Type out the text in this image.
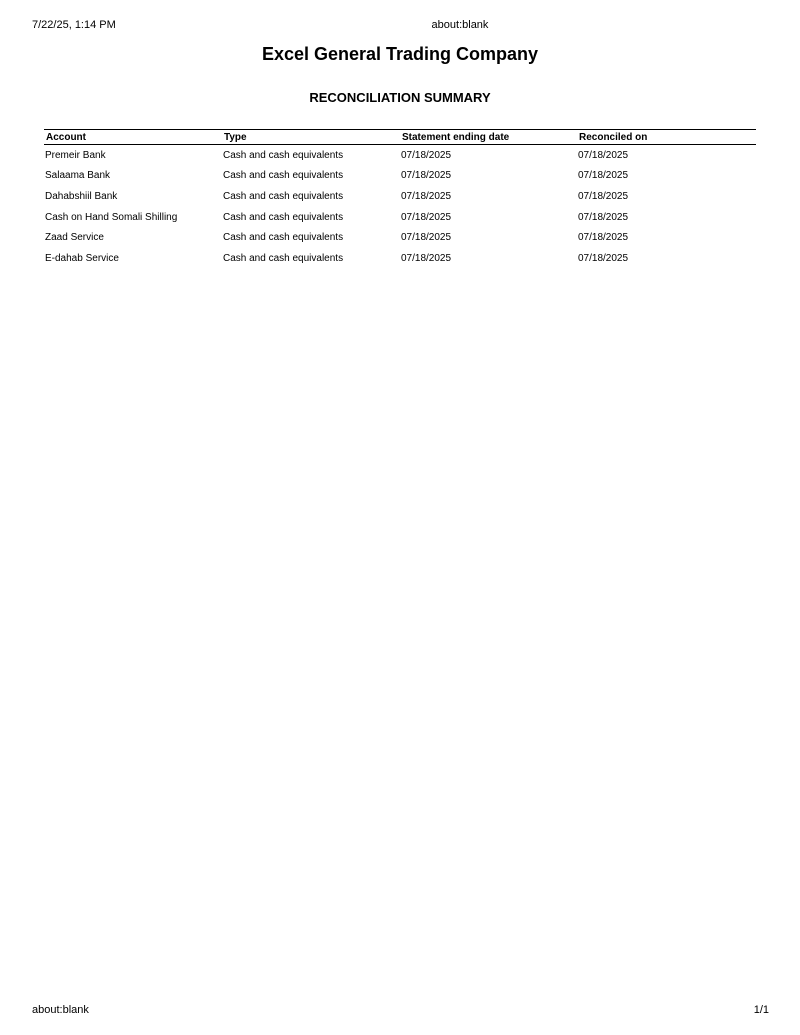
7/22/25, 1:14 PM	about:blank
Excel General Trading Company
RECONCILIATION SUMMARY
Account	Type	Statement ending date	Reconciled on
Premeir Bank	Cash and cash equivalents	07/18/2025	07/18/2025
Salaama Bank	Cash and cash equivalents	07/18/2025	07/18/2025
Dahabshiil Bank	Cash and cash equivalents	07/18/2025	07/18/2025
Cash on Hand Somali Shilling	Cash and cash equivalents	07/18/2025	07/18/2025
Zaad Service	Cash and cash equivalents	07/18/2025	07/18/2025
E-dahab Service	Cash and cash equivalents	07/18/2025	07/18/2025
about:blank	1/1
